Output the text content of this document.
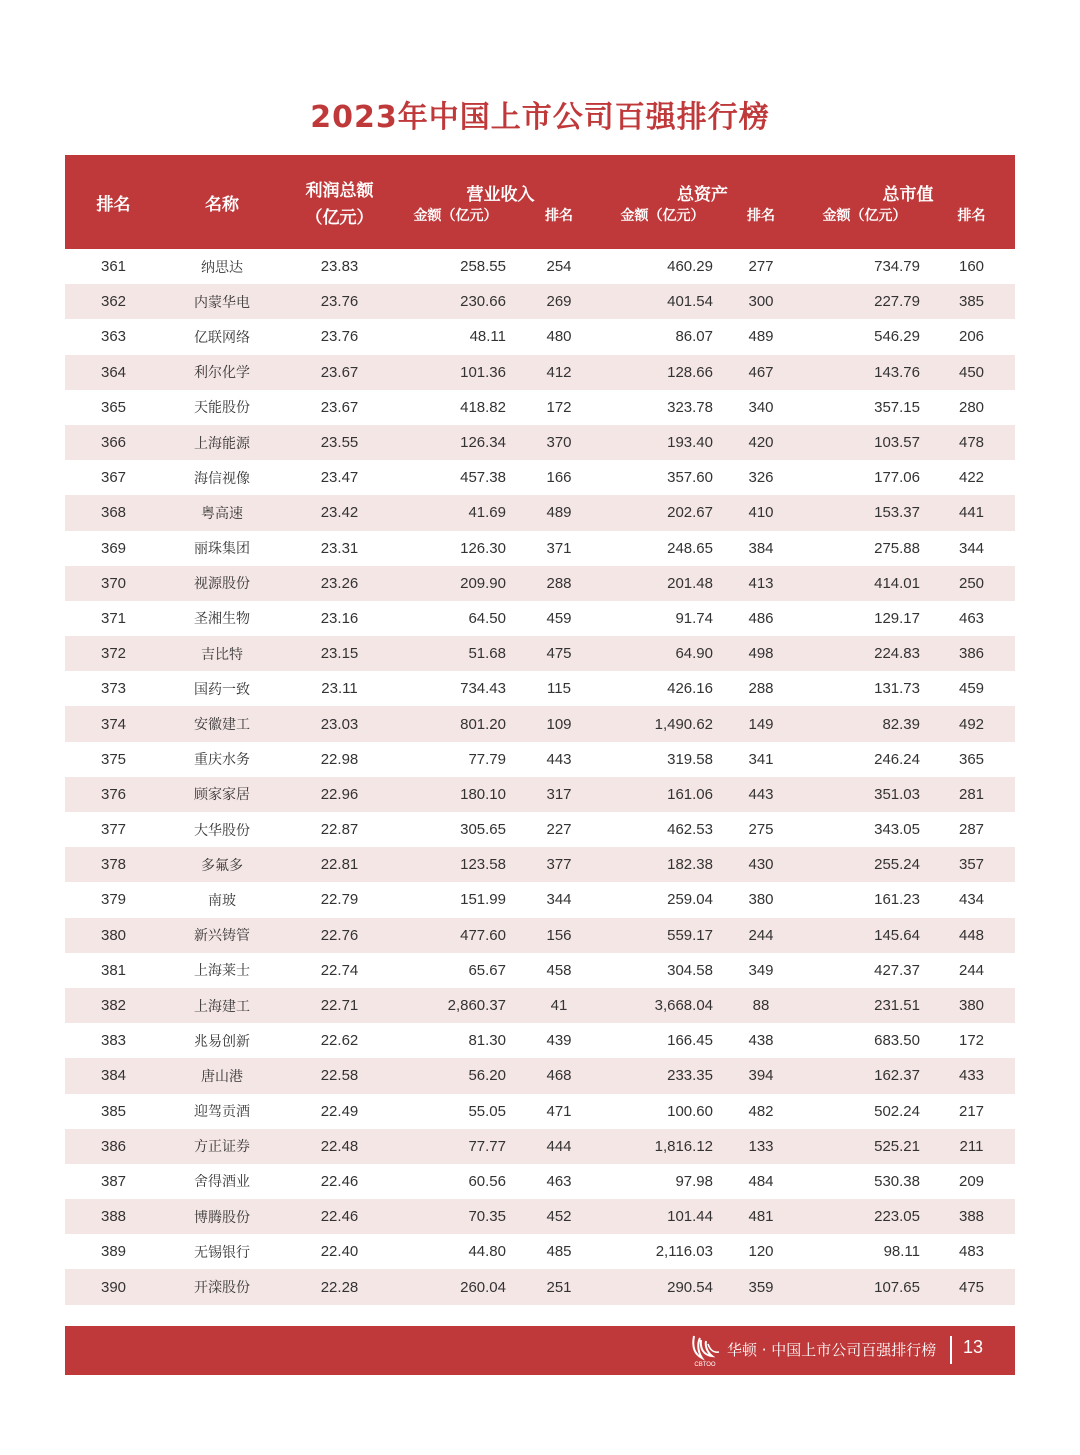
2023年中国上市公司百强排行榜
排名	名称	利润总额
（亿元）	营业收入		总资产		总市值	
			金额（亿元）	排名	金额（亿元）	排名	金额（亿元）	排名
361	纳思达	23.83	258.55	254	460.29	277	734.79	160
362	内蒙华电	23.76	230.66	269	401.54	300	227.79	385
363	亿联网络	23.76	48.11	480	86.07	489	546.29	206
364	利尔化学	23.67	101.36	412	128.66	467	143.76	450
365	天能股份	23.67	418.82	172	323.78	340	357.15	280
366	上海能源	23.55	126.34	370	193.40	420	103.57	478
367	海信视像	23.47	457.38	166	357.60	326	177.06	422
368	粤高速	23.42	41.69	489	202.67	410	153.37	441
369	丽珠集团	23.31	126.30	371	248.65	384	275.88	344
370	视源股份	23.26	209.90	288	201.48	413	414.01	250
371	圣湘生物	23.16	64.50	459	91.74	486	129.17	463
372	吉比特	23.15	51.68	475	64.90	498	224.83	386
373	国药一致	23.11	734.43	115	426.16	288	131.73	459
374	安徽建工	23.03	801.20	109	1,490.62	149	82.39	492
375	重庆水务	22.98	77.79	443	319.58	341	246.24	365
376	顾家家居	22.96	180.10	317	161.06	443	351.03	281
377	大华股份	22.87	305.65	227	462.53	275	343.05	287
378	多氟多	22.81	123.58	377	182.38	430	255.24	357
379	南玻	22.79	151.99	344	259.04	380	161.23	434
380	新兴铸管	22.76	477.60	156	559.17	244	145.64	448
381	上海莱士	22.74	65.67	458	304.58	349	427.37	244
382	上海建工	22.71	2,860.37	41	3,668.04	88	231.51	380
383	兆易创新	22.62	81.30	439	166.45	438	683.50	172
384	唐山港	22.58	56.20	468	233.35	394	162.37	433
385	迎驾贡酒	22.49	55.05	471	100.60	482	502.24	217
386	方正证券	22.48	77.77	444	1,816.12	133	525.21	211
387	舍得酒业	22.46	60.56	463	97.98	484	530.38	209
388	博腾股份	22.46	70.35	452	101.44	481	223.05	388
389	无锡银行	22.40	44.80	485	2,116.03	120	98.11	483
390	开滦股份	22.28	260.04	251	290.54	359	107.65	475
CBTOO
华顿 · 中国上市公司百强排行榜 13
